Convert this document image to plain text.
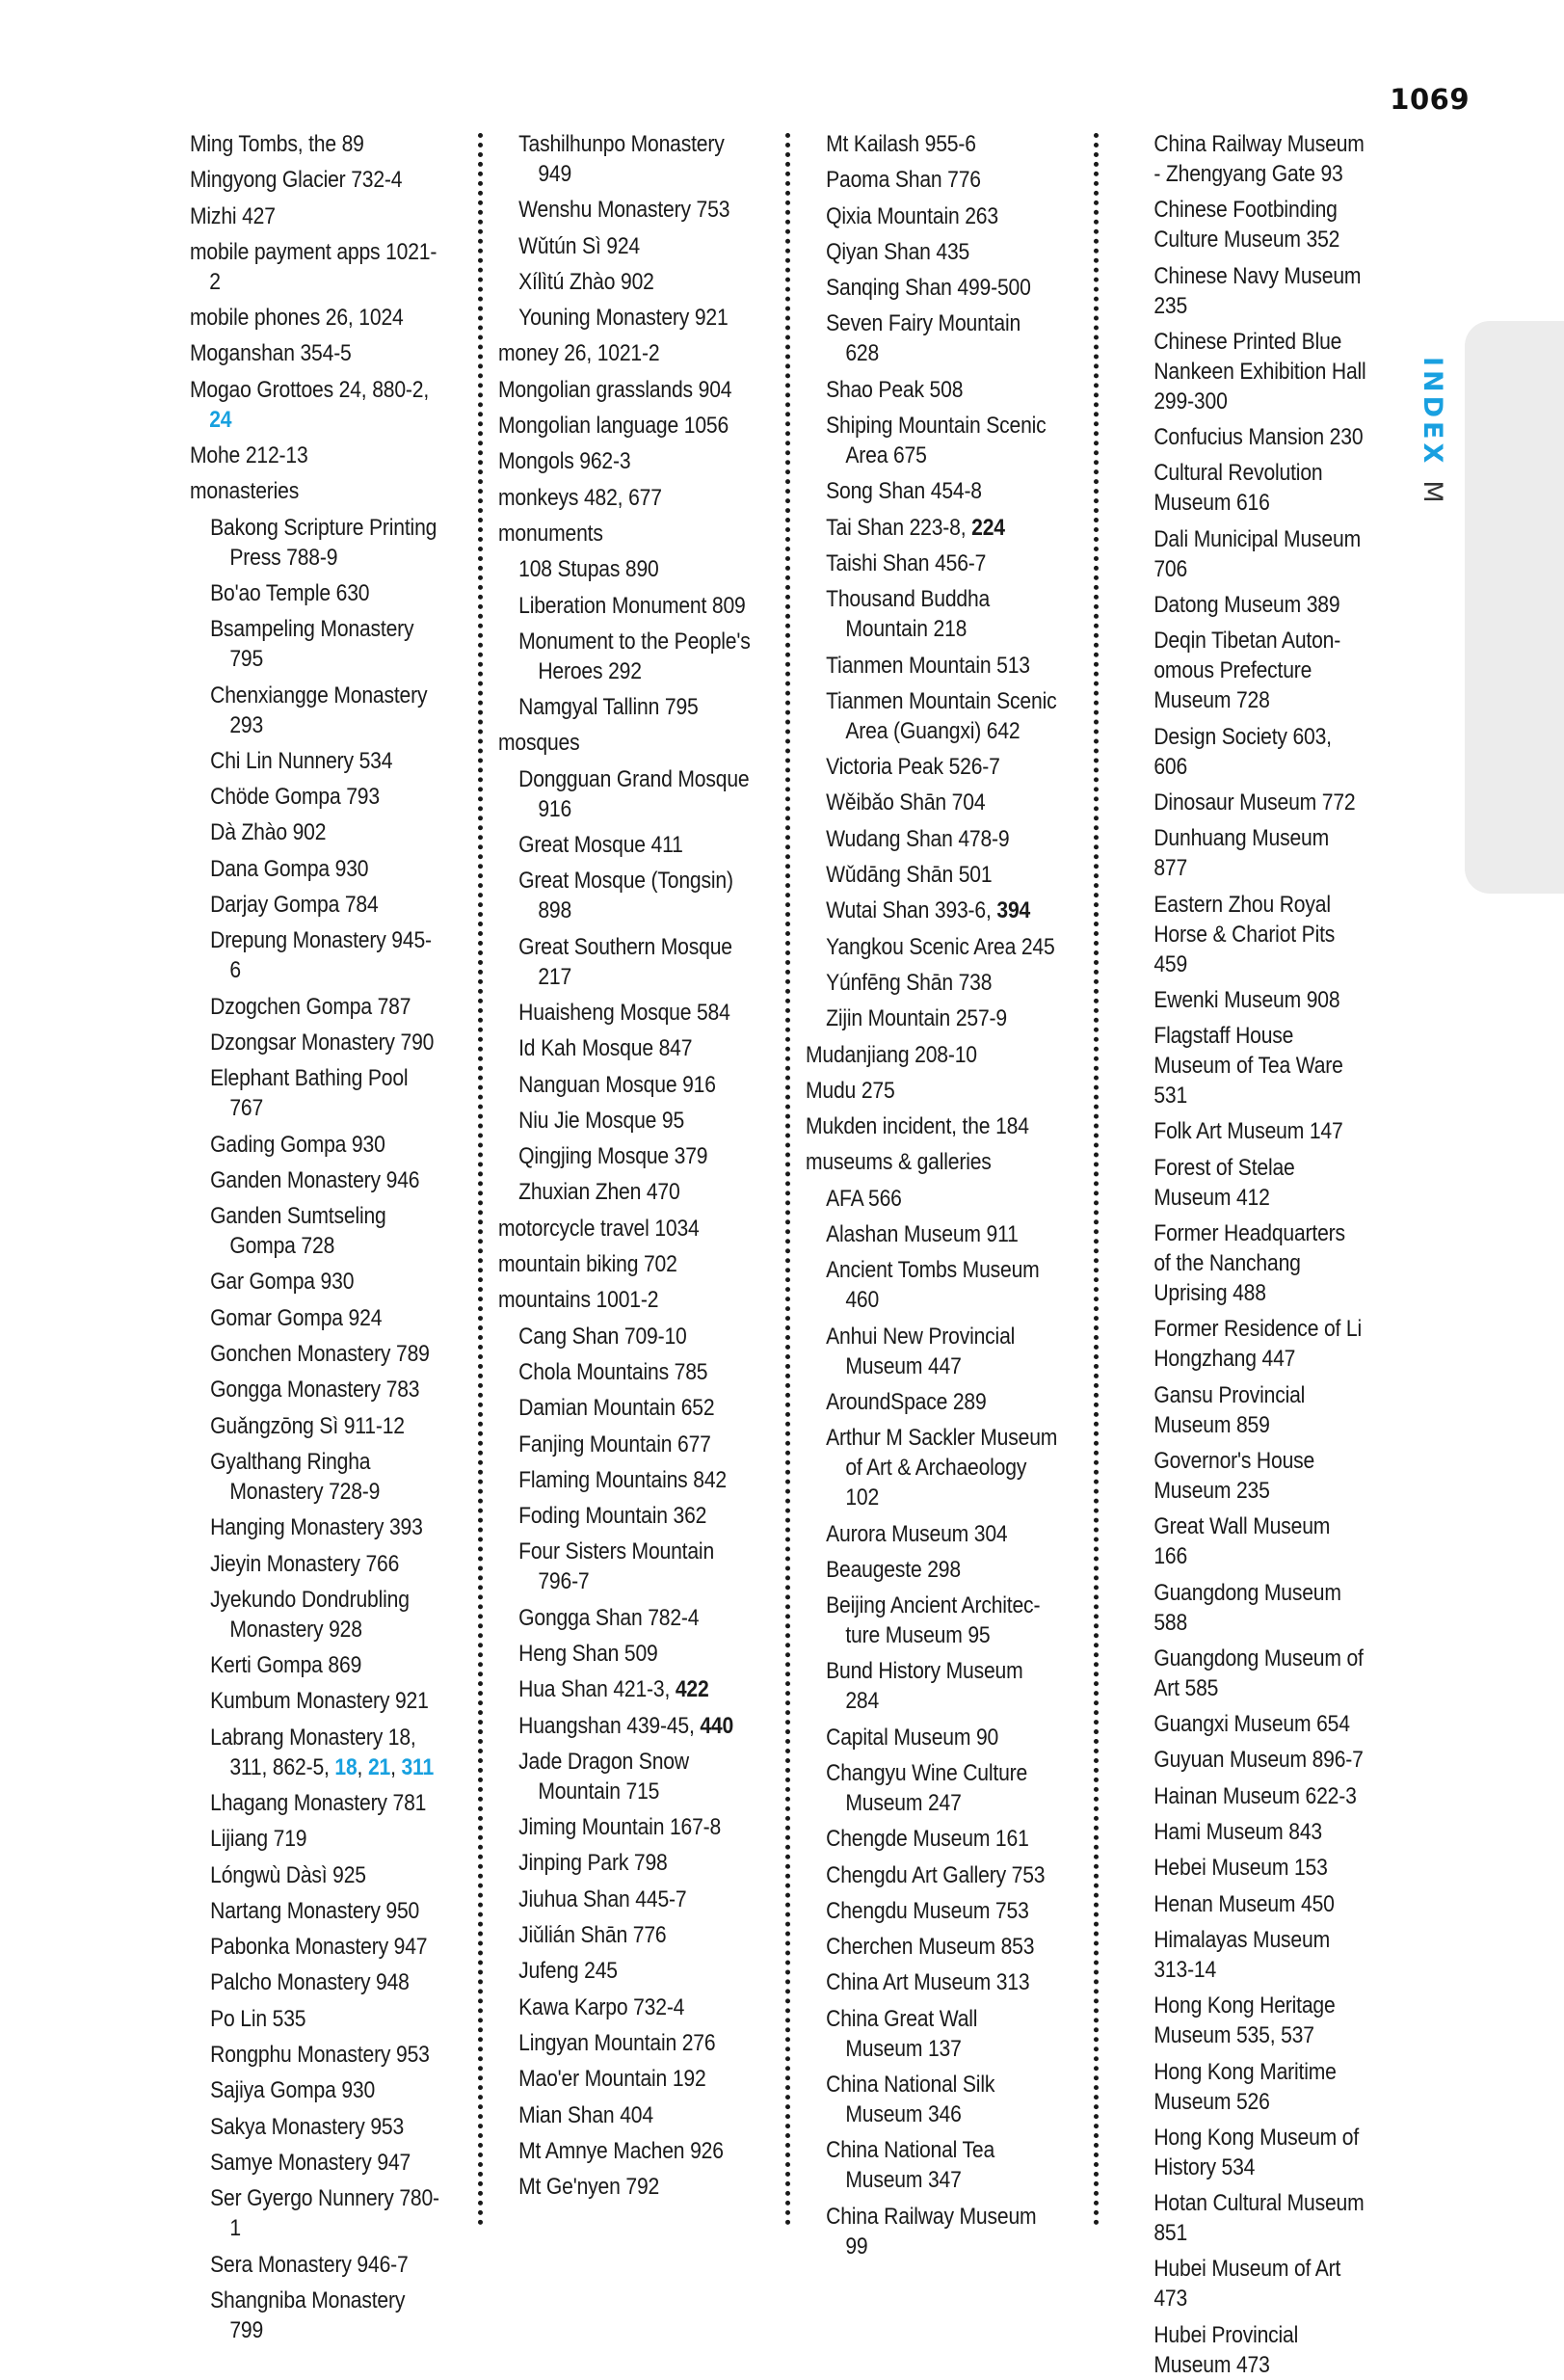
1069
INDEXM

Ming Tombs, the 89

Mingyong Glacier 732-4

Mizhi 427

mobile payment apps 1021-2

mobile phones 26, 1024

Moganshan 354-5

Mogao Grottoes 24, 880-2, 24

Mohe 212-13

monasteries

Bakong Scripture Printing Press 788-9

Bo'ao Temple 630

Bsampeling Monastery 795

Chenxiangge Monastery 293

Chi Lin Nunnery 534

Chöde Gompa 793

Dà Zhào 902

Dana Gompa 930

Darjay Gompa 784

Drepung Monastery 945-6

Dzogchen Gompa 787

Dzongsar Monastery 790

Elephant Bathing Pool 767

Gading Gompa 930

Ganden Monastery 946

Ganden Sumtseling Gompa 728

Gar Gompa 930

Gomar Gompa 924

Gonchen Monastery 789

Gongga Monastery 783

Guǎngzōng Sì 911-12

Gyalthang Ringha Monastery 728-9

Hanging Monastery 393

Jieyin Monastery 766

Jyekundo Dondrubling Monastery 928

Kerti Gompa 869

Kumbum Monastery 921

Labrang Monastery 18, 311, 862-5, 18, 21, 311

Lhagang Monastery 781

Lijiang 719

Lóngwù Dàsì 925

Nartang Monastery 950

Pabonka Monastery 947

Palcho Monastery 948

Po Lin 535

Rongphu Monastery 953

Sajiya Gompa 930

Sakya Monastery 953

Samye Monastery 947

Ser Gyergo Nunnery 780-1

Sera Monastery 946-7

Shangniba Monastery 799

Tashilhunpo Monastery 949

Wenshu Monastery 753

Wǔtún Sì 924

Xílìtú Zhào 902

Youning Monastery 921

money 26, 1021-2

Mongolian grasslands 904

Mongolian language 1056

Mongols 962-3

monkeys 482, 677

monuments

108 Stupas 890

Liberation Monument 809

Monument to the People's Heroes 292

Namgyal Tallinn 795

mosques

Dongguan Grand Mosque 916

Great Mosque 411

Great Mosque (Tongsin) 898

Great Southern Mosque 217

Huaisheng Mosque 584

Id Kah Mosque 847

Nanguan Mosque 916

Niu Jie Mosque 95

Qingjing Mosque 379

Zhuxian Zhen 470

motorcycle travel 1034

mountain biking 702

mountains 1001-2

Cang Shan 709-10

Chola Mountains 785

Damian Mountain 652

Fanjing Mountain 677

Flaming Mountains 842

Foding Mountain 362

Four Sisters Mountain 796-7

Gongga Shan 782-4

Heng Shan 509

Hua Shan 421-3, 422

Huangshan 439-45, 440

Jade Dragon Snow Mountain 715

Jiming Mountain 167-8

Jinping Park 798

Jiuhua Shan 445-7

Jiǔlián Shān 776

Jufeng 245

Kawa Karpo 732-4

Lingyan Mountain 276

Mao'er Mountain 192

Mian Shan 404

Mt Amnye Machen 926

Mt Ge'nyen 792

Mt Kailash 955-6

Paoma Shan 776

Qixia Mountain 263

Qiyan Shan 435

Sanqing Shan 499-500

Seven Fairy Mountain 628

Shao Peak 508

Shiping Mountain Scenic Area 675

Song Shan 454-8

Tai Shan 223-8, 224

Taishi Shan 456-7

Thousand Buddha Mountain 218

Tianmen Mountain 513

Tianmen Mountain Scenic Area (Guangxi) 642

Victoria Peak 526-7

Wěibǎo Shān 704

Wudang Shan 478-9

Wǔdāng Shān 501

Wutai Shan 393-6, 394

Yangkou Scenic Area 245

Yúnfēng Shān 738

Zijin Mountain 257-9

Mudanjiang 208-10

Mudu 275

Mukden incident, the 184

museums & galleries

AFA 566

Alashan Museum 911

Ancient Tombs Museum 460

Anhui New Provincial Museum 447

AroundSpace 289

Arthur M Sackler Museum of Art & Archaeology 102

Aurora Museum 304

Beaugeste 298

Beijing Ancient Architec-ture Museum 95

Bund History Museum 284

Capital Museum 90

Changyu Wine Culture Museum 247

Chengde Museum 161

Chengdu Art Gallery 753

Chengdu Museum 753

Cherchen Museum 853

China Art Museum 313

China Great Wall Museum 137

China National Silk Museum 346

China National Tea Museum 347

China Railway Museum 99

China Railway Museum - Zhengyang Gate 93

Chinese Footbinding Culture Museum 352

Chinese Navy Museum 235

Chinese Printed Blue Nankeen Exhibition Hall 299-300

Confucius Mansion 230

Cultural Revolution Museum 616

Dali Municipal Museum 706

Datong Museum 389

Deqin Tibetan Auton-omous Prefecture Museum 728

Design Society 603, 606

Dinosaur Museum 772

Dunhuang Museum 877

Eastern Zhou Royal Horse & Chariot Pits 459

Ewenki Museum 908

Flagstaff House Museum of Tea Ware 531

Folk Art Museum 147

Forest of Stelae Museum 412

Former Headquarters of the Nanchang Uprising 488

Former Residence of Li Hongzhang 447

Gansu Provincial Museum 859

Governor's House Museum 235

Great Wall Museum 166

Guangdong Museum 588

Guangdong Museum of Art 585

Guangxi Museum 654

Guyuan Museum 896-7

Hainan Museum 622-3

Hami Museum 843

Hebei Museum 153

Henan Museum 450

Himalayas Museum 313-14

Hong Kong Heritage Museum 535, 537

Hong Kong Maritime Museum 526

Hong Kong Museum of History 534

Hotan Cultural Museum 851

Hubei Museum of Art 473

Hubei Provincial Museum 473
